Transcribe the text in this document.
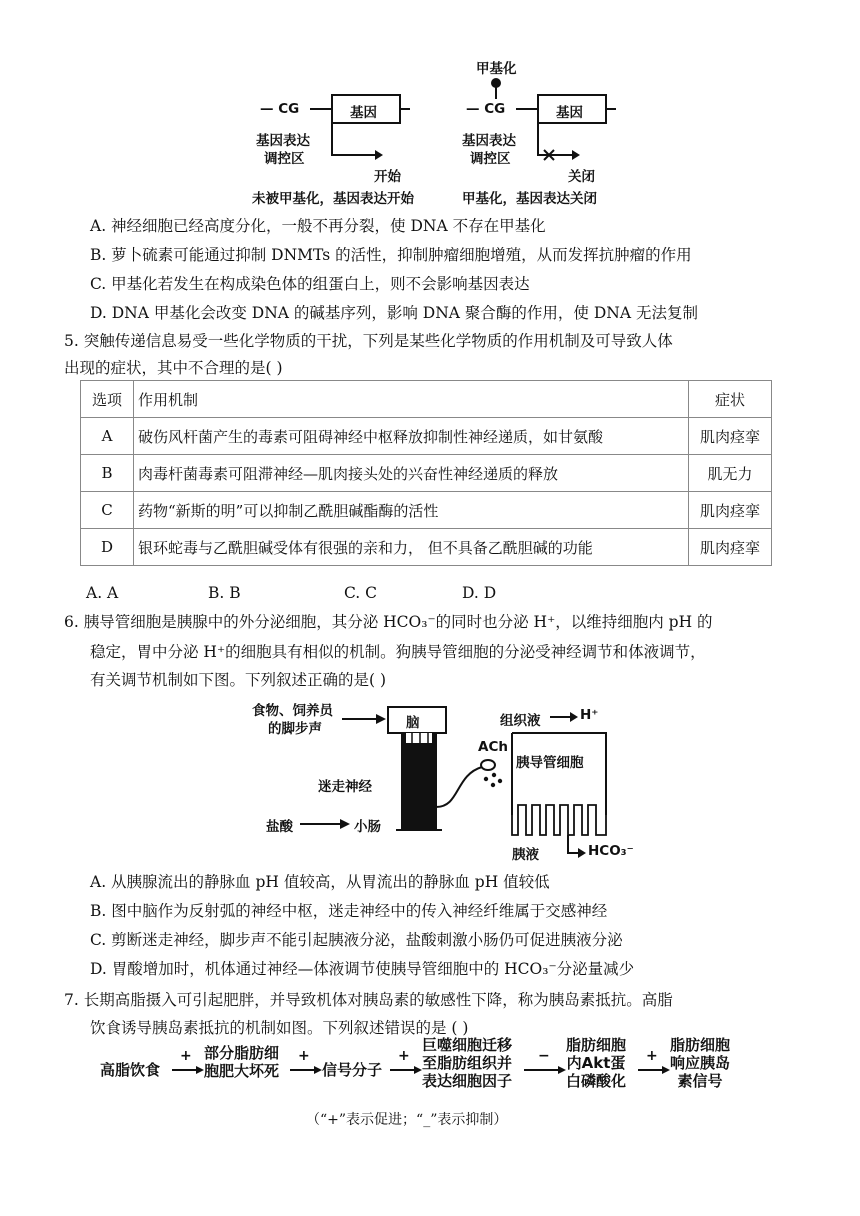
— CG	基因
基因表达
调控区
开始
未被甲基化，基因表达开始
甲基化
— CG	基因
基因表达
调控区
关闭
甲基化，基因表达关闭
A. 神经细胞已经高度分化，一般不再分裂，使 DNA 不存在甲基化
B. 萝卜硫素可能通过抑制 DNMTs 的活性，抑制肿瘤细胞增殖，从而发挥抗肿瘤的作用
C. 甲基化若发生在构成染色体的组蛋白上，则不会影响基因表达
D. DNA 甲基化会改变 DNA 的碱基序列，影响 DNA 聚合酶的作用，使 DNA 无法复制
5. 突触传递信息易受一些化学物质的干扰，下列是某些化学物质的作用机制及可导致人体
出现的症状，其中不合理的是( )
选项	作用机制	症状
A	破伤风杆菌产生的毒素可阻碍神经中枢释放抑制性神经递质，如甘氨酸	肌肉痉挛
B	肉毒杆菌毒素可阻滞神经—肌肉接头处的兴奋性神经递质的释放	肌无力
C	药物“新斯的明”可以抑制乙酰胆碱酯酶的活性	肌肉痉挛
D	银环蛇毒与乙酰胆碱受体有很强的亲和力， 但不具备乙酰胆碱的功能	肌肉痉挛
A. A	B. B	C. C	D. D
6. 胰导管细胞是胰腺中的外分泌细胞，其分泌 HCO₃⁻的同时也分泌 H⁺，以维持细胞内 pH 的
稳定，胃中分泌 H⁺的细胞具有相似的机制。狗胰导管细胞的分泌受神经调节和体液调节，
有关调节机制如下图。下列叙述正确的是( )
食物、饲养员
的脚步声	脑	组织液	H⁺
ACh
胰导管细胞
迷走神经
盐酸	小肠
胰液	HCO₃⁻
A. 从胰腺流出的静脉血 pH 值较高，从胃流出的静脉血 pH 值较低
B. 图中脑作为反射弧的神经中枢，迷走神经中的传入神经纤维属于交感神经
C. 剪断迷走神经，脚步声不能引起胰液分泌，盐酸刺激小肠仍可促进胰液分泌
D. 胃酸增加时，机体通过神经—体液调节使胰导管细胞中的 HCO₃⁻分泌量减少
7. 长期高脂摄入可引起肥胖，并导致机体对胰岛素的敏感性下降，称为胰岛素抵抗。高脂
饮食诱导胰岛素抵抗的机制如图。下列叙述错误的是 ( )
+	+	+	−	+
高脂饮食
部分脂肪细
胞肥大坏死	信号分子
巨噬细胞迁移
至脂肪组织并
表达细胞因子
脂肪细胞
内Akt蛋
白磷酸化
脂肪细胞
响应胰岛
素信号
（“+”表示促进；“_”表示抑制）
